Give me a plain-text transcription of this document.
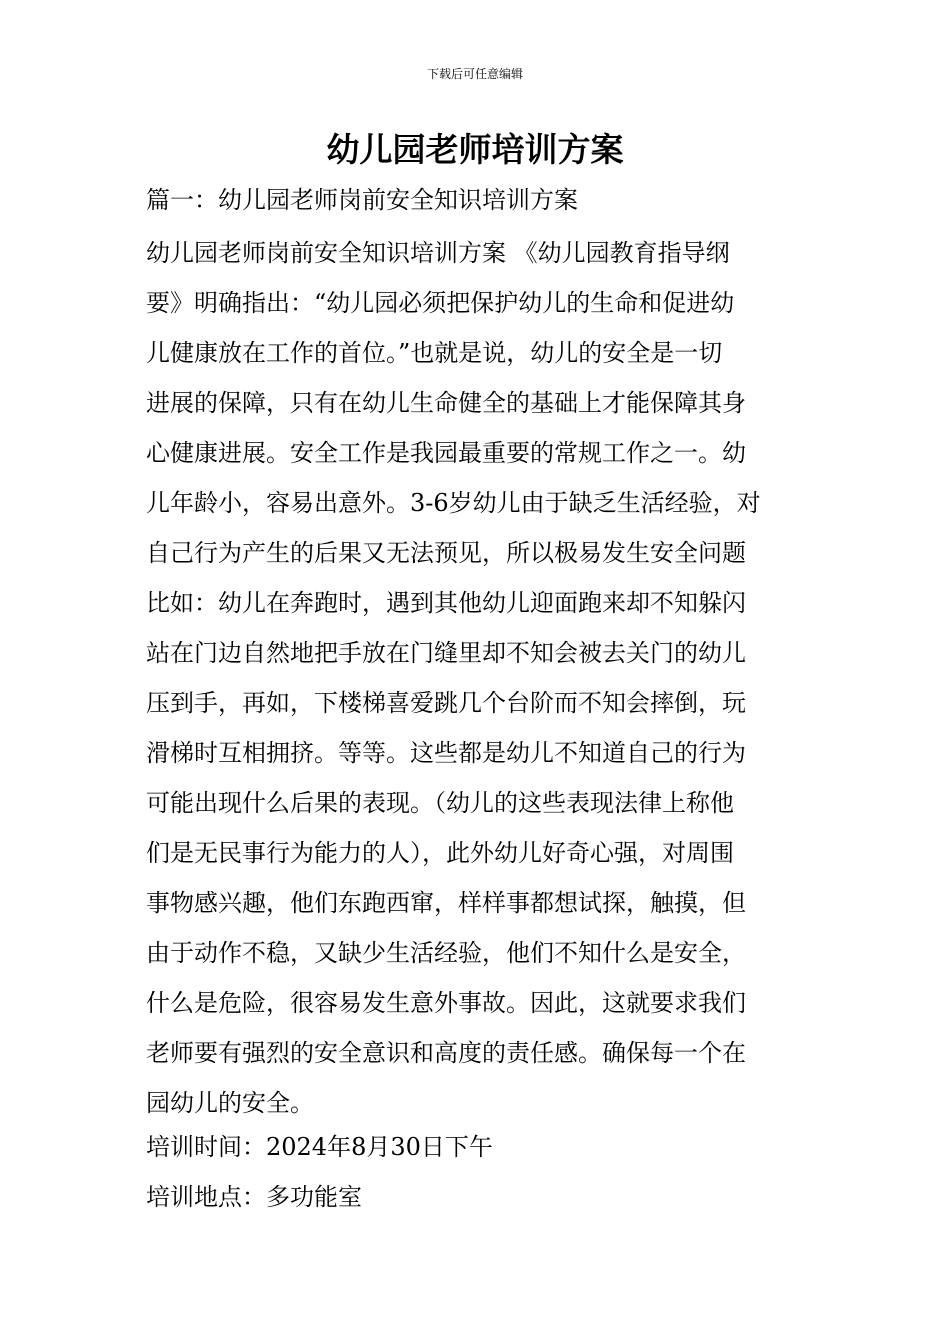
下载后可任意编辑
幼儿园老师培训方案
篇一：幼儿园老师岗前安全知识培训方案
幼儿园老师岗前安全知识培训方案 《幼儿园教育指导纲
要》明确指出：“幼儿园必须把保护幼儿的生命和促进幼
儿健康放在工作的首位。”也就是说，幼儿的安全是一切
进展的保障，只有在幼儿生命健全的基础上才能保障其身
心健康进展。安全工作是我园最重要的常规工作之一。幼
儿年龄小，容易出意外。3-6岁幼儿由于缺乏生活经验，对
自己行为产生的后果又无法预见，所以极易发生安全问题
比如：幼儿在奔跑时，遇到其他幼儿迎面跑来却不知躲闪
站在门边自然地把手放在门缝里却不知会被去关门的幼儿
压到手，再如，下楼梯喜爱跳几个台阶而不知会摔倒，玩
滑梯时互相拥挤。等等。这些都是幼儿不知道自己的行为
可能出现什么后果的表现。（幼儿的这些表现法律上称他
们是无民事行为能力的人），此外幼儿好奇心强，对周围
事物感兴趣，他们东跑西窜，样样事都想试探，触摸，但
由于动作不稳，又缺少生活经验，他们不知什么是安全，
什么是危险，很容易发生意外事故。因此，这就要求我们
老师要有强烈的安全意识和高度的责任感。确保每一个在
园幼儿的安全。
培训时间：2024年8月30日下午
培训地点：多功能室
